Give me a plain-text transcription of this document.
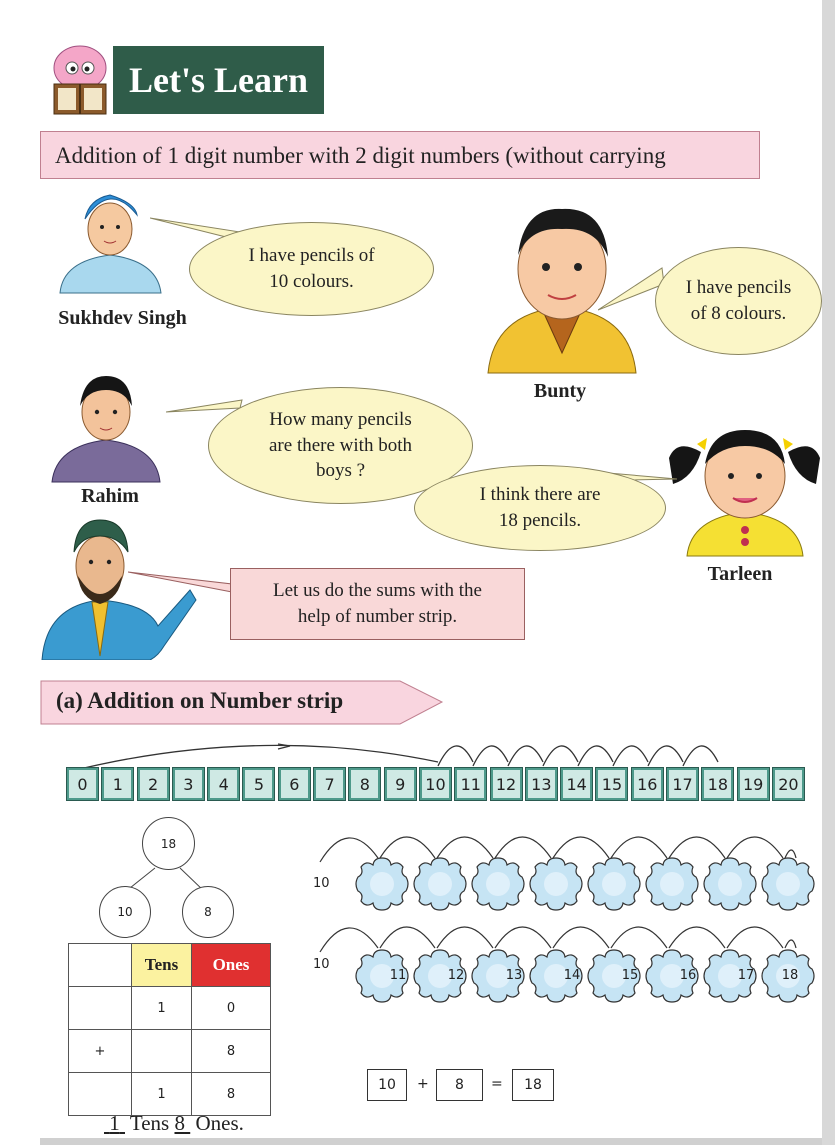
Let's Learn
Addition of 1 digit number with 2 digit numbers (without carrying
I have pencils of
10 colours.
Sukhdev Singh
I have pencils
of 8 colours.
Bunty
How many pencils
are there with both
boys ?
Rahim	I think there are
18 pencils.
Tarleen
Let us do the sums with the
help of number strip.
(a) Addition on Number strip
0	1	2	3	4	5	6	7	8	9	10 11 12 13 14 15 16 17 18 19 20
18
10	8
	Tens	Ones
	1	0
+		8
	1	8
1 Tens 8 Ones.
10
10
11	12	13	14	15	16	17	18
10	+	8	=	18
